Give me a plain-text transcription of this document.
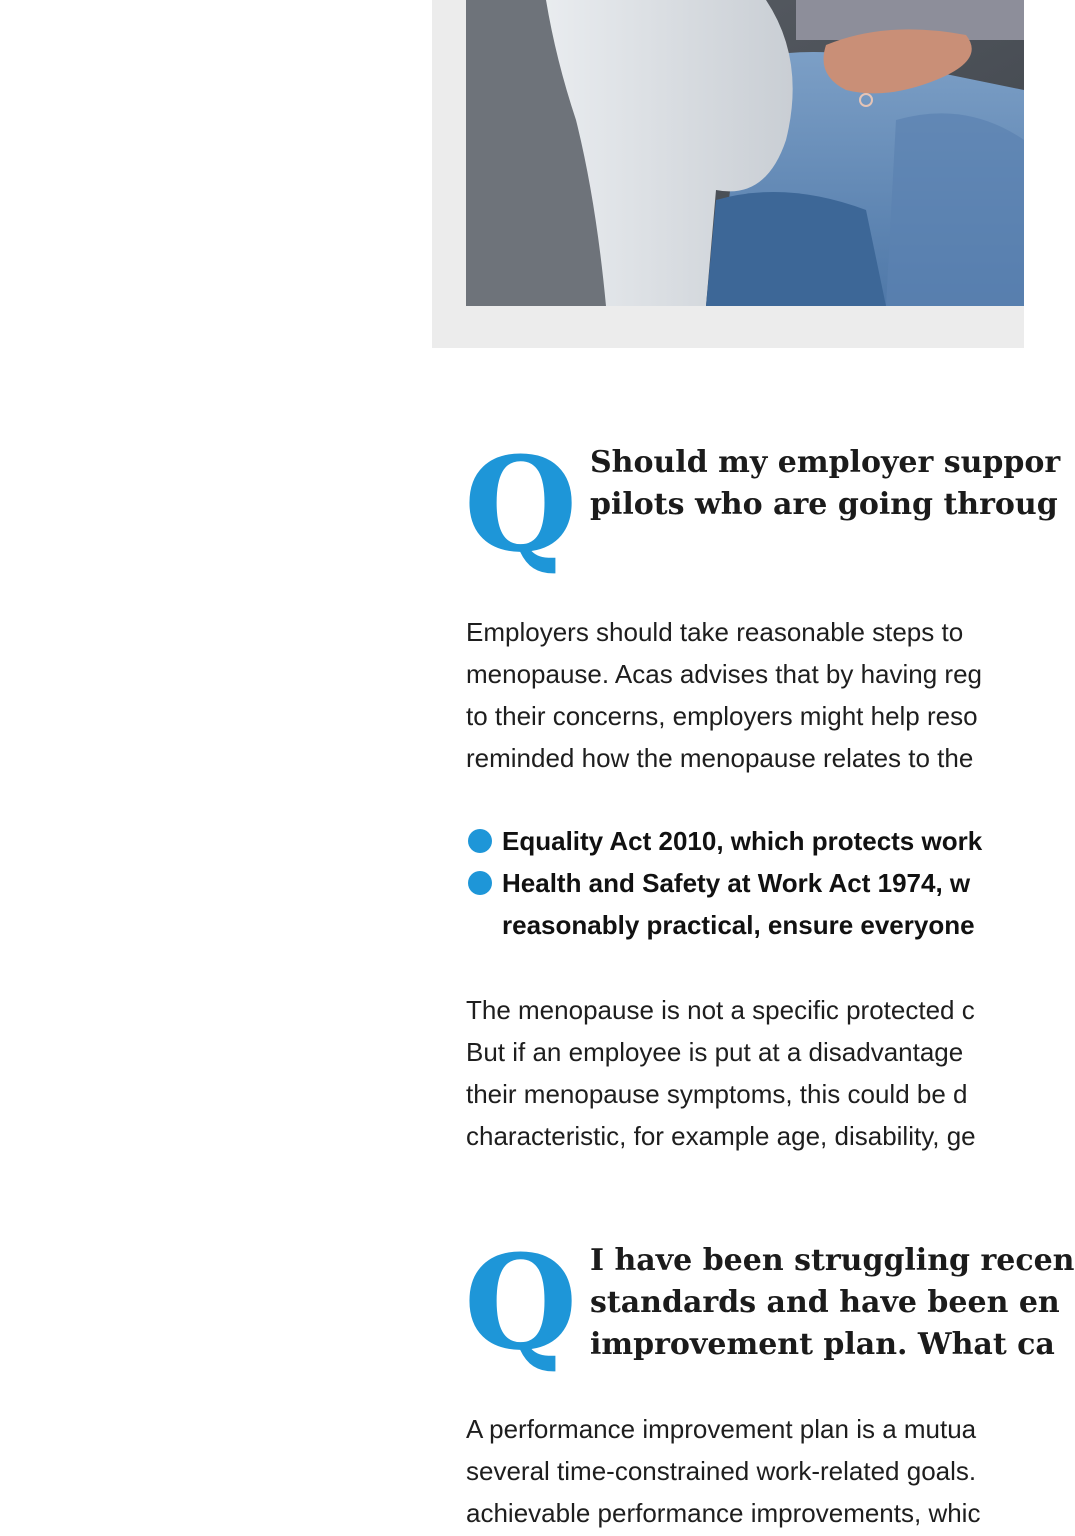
Q Should my employer suppor
pilots who are going throug

Employers should take reasonable steps to
menopause. Acas advises that by having reg
to their concerns, employers might help reso
reminded how the menopause relates to the

Equality Act 2010, which protects work
Health and Safety at Work Act 1974, w
reasonably practical, ensure everyone

The menopause is not a specific protected c
But if an employee is put at a disadvantage
their menopause symptoms, this could be d
characteristic, for example age, disability, ge

Q I have been struggling recen
standards and have been en
improvement plan. What ca

A performance improvement plan is a mutua
several time-constrained work-related goals.
achievable performance improvements, whic
